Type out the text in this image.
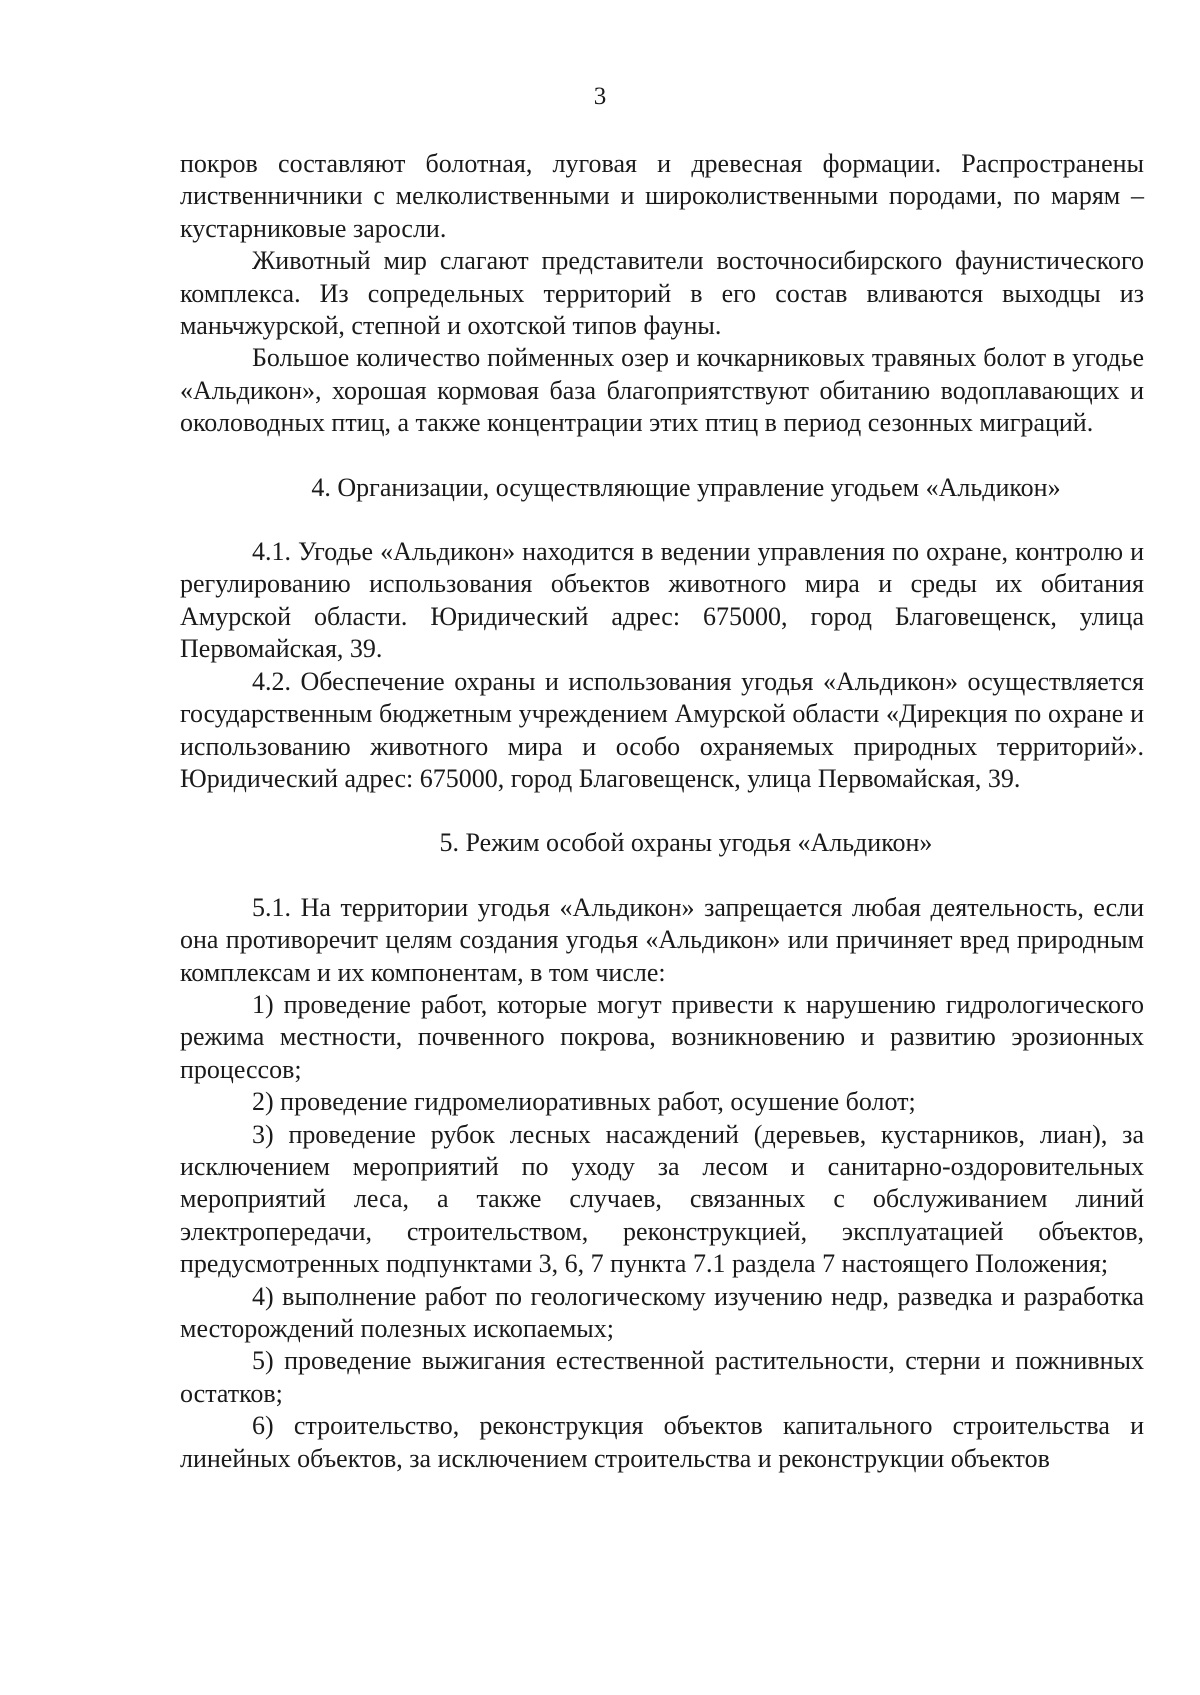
3

покров составляют болотная, луговая и древесная формации. Распространены лиственничники с мелколиственными и широколиственными породами, по марям – кустарниковые заросли.

Животный мир слагают представители восточносибирского фаунистического комплекса. Из сопредельных территорий в его состав вливаются выходцы из маньчжурской, степной и охотской типов фауны.

Большое количество пойменных озер и кочкарниковых травяных болот в угодье «Альдикон», хорошая кормовая база благоприятствуют обитанию водоплавающих и околоводных птиц, а также концентрации этих птиц в период сезонных миграций.

4. Организации, осуществляющие управление угодьем «Альдикон»

4.1. Угодье «Альдикон» находится в ведении управления по охране, контролю и регулированию использования объектов животного мира и среды их обитания Амурской области. Юридический адрес: 675000, город Благовещенск, улица Первомайская, 39.

4.2. Обеспечение охраны и использования угодья «Альдикон» осуществляется государственным бюджетным учреждением Амурской области «Дирекция по охране и использованию животного мира и особо охраняемых природных территорий». Юридический адрес: 675000, город Благовещенск, улица Первомайская, 39.

5. Режим особой охраны угодья «Альдикон»

5.1. На территории угодья «Альдикон» запрещается любая деятельность, если она противоречит целям создания угодья «Альдикон» или причиняет вред природным комплексам и их компонентам, в том числе:

1) проведение работ, которые могут привести к нарушению гидрологического режима местности, почвенного покрова, возникновению и развитию эрозионных процессов;

2) проведение гидромелиоративных работ, осушение болот;

3) проведение рубок лесных насаждений (деревьев, кустарников, лиан), за исключением мероприятий по уходу за лесом и санитарно-оздоровительных мероприятий леса, а также случаев, связанных с обслуживанием линий электропередачи, строительством, реконструкцией, эксплуатацией объектов, предусмотренных подпунктами 3, 6, 7 пункта 7.1 раздела 7 настоящего Положения;

4) выполнение работ по геологическому изучению недр, разведка и разработка месторождений полезных ископаемых;

5) проведение выжигания естественной растительности, стерни и пожнивных остатков;

6) строительство, реконструкция объектов капитального строительства и линейных объектов, за исключением строительства и реконструкции объектов
